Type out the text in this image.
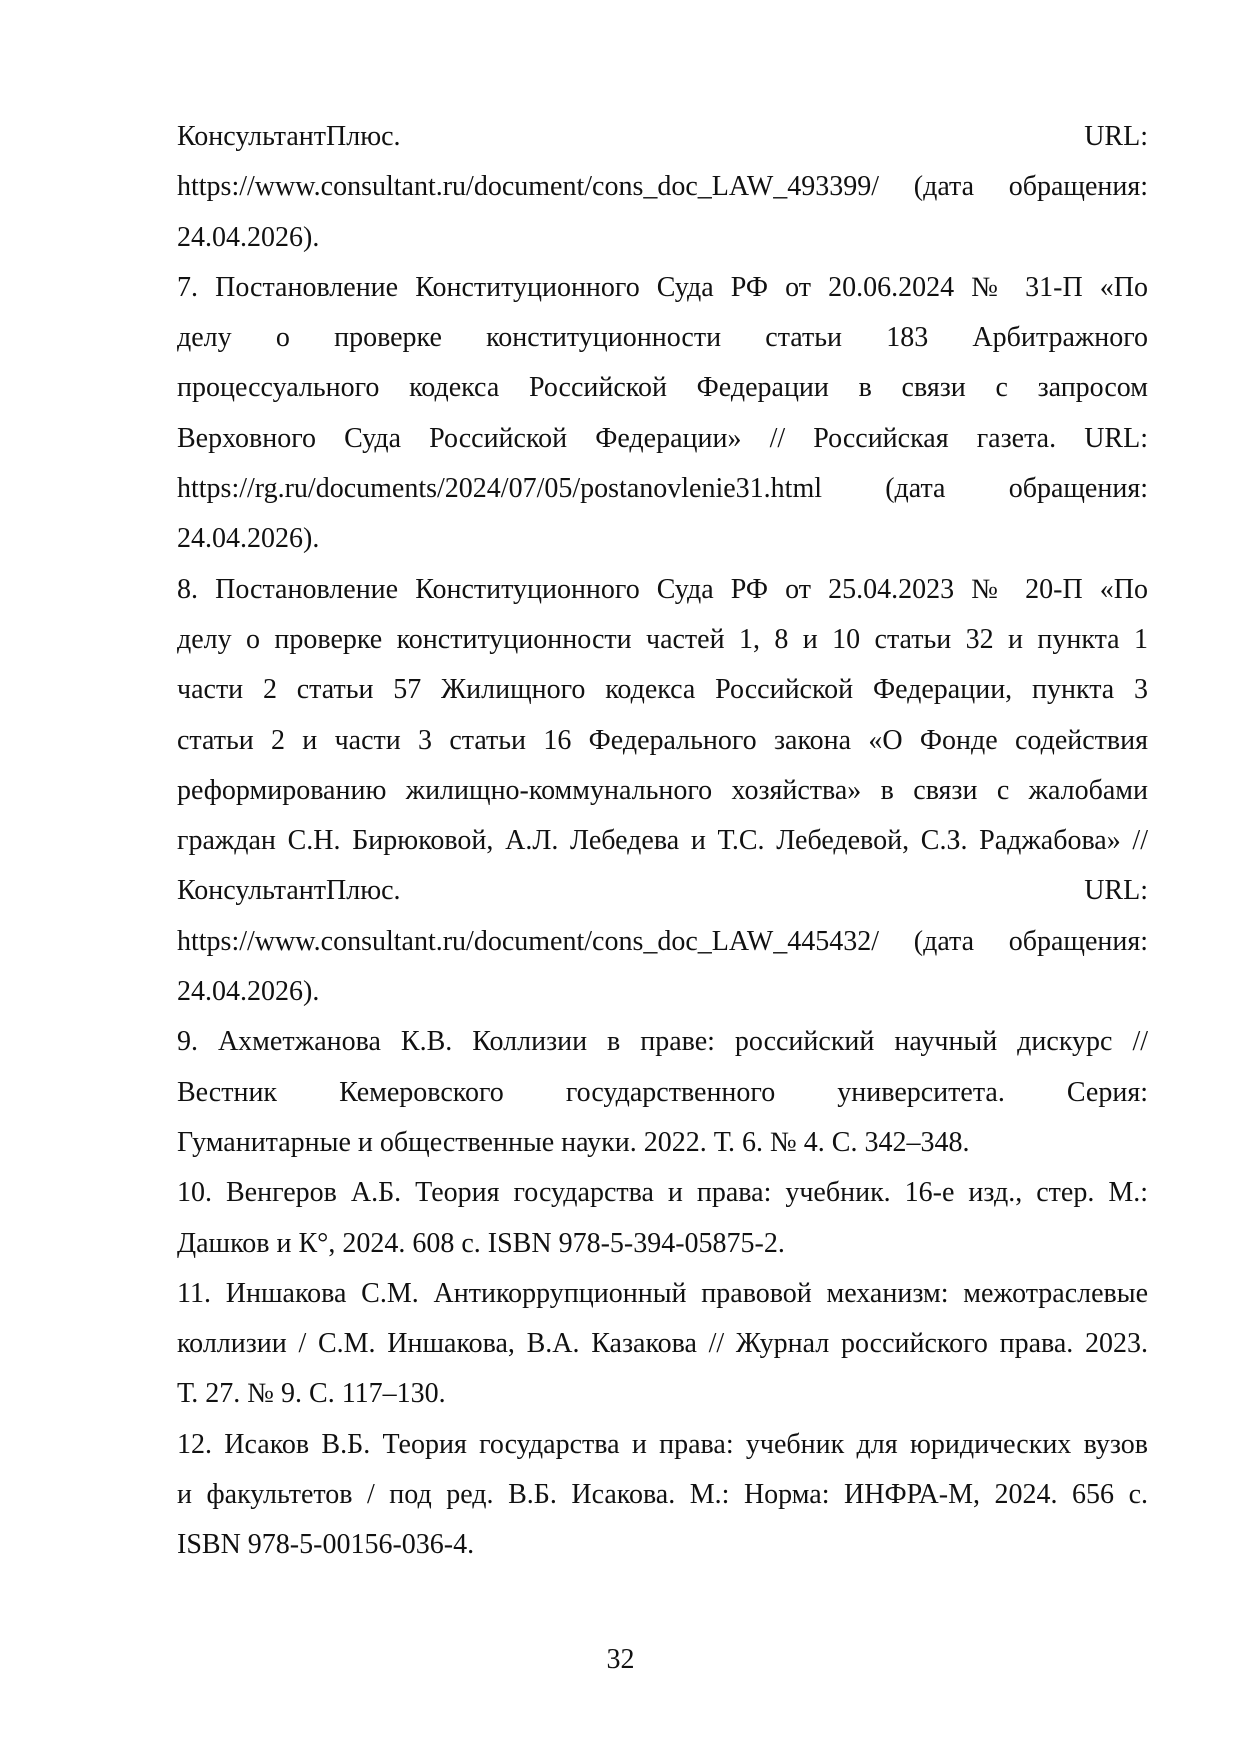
КонсультантПлюс. URL:
https://www.consultant.ru/document/cons_doc_LAW_493399/ (дата обращения:
24.04.2026).

7. Постановление Конституционного Суда РФ от 20.06.2024 № 31-П «По
делу о проверке конституционности статьи 183 Арбитражного
процессуального кодекса Российской Федерации в связи с запросом
Верховного Суда Российской Федерации» // Российская газета. URL:
https://rg.ru/documents/2024/07/05/postanovlenie31.html (дата обращения:
24.04.2026).

8. Постановление Конституционного Суда РФ от 25.04.2023 № 20-П «По
делу о проверке конституционности частей 1, 8 и 10 статьи 32 и пункта 1
части 2 статьи 57 Жилищного кодекса Российской Федерации, пункта 3
статьи 2 и части 3 статьи 16 Федерального закона «О Фонде содействия
реформированию жилищно-коммунального хозяйства» в связи с жалобами
граждан С.Н. Бирюковой, А.Л. Лебедева и Т.С. Лебедевой, С.З. Раджабова» //
КонсультантПлюс. URL:
https://www.consultant.ru/document/cons_doc_LAW_445432/ (дата обращения:
24.04.2026).

9. Ахметжанова К.В. Коллизии в праве: российский научный дискурс //
Вестник Кемеровского государственного университета. Серия:
Гуманитарные и общественные науки. 2022. Т. 6. № 4. С. 342–348.

10. Венгеров А.Б. Теория государства и права: учебник. 16-е изд., стер. М.:
Дашков и К°, 2024. 608 с. ISBN 978-5-394-05875-2.

11. Иншакова С.М. Антикоррупционный правовой механизм: межотраслевые
коллизии / С.М. Иншакова, В.А. Казакова // Журнал российского права. 2023.
Т. 27. № 9. С. 117–130.

12. Исаков В.Б. Теория государства и права: учебник для юридических вузов
и факультетов / под ред. В.Б. Исакова. М.: Норма: ИНФРА-М, 2024. 656 с.
ISBN 978-5-00156-036-4.

32
